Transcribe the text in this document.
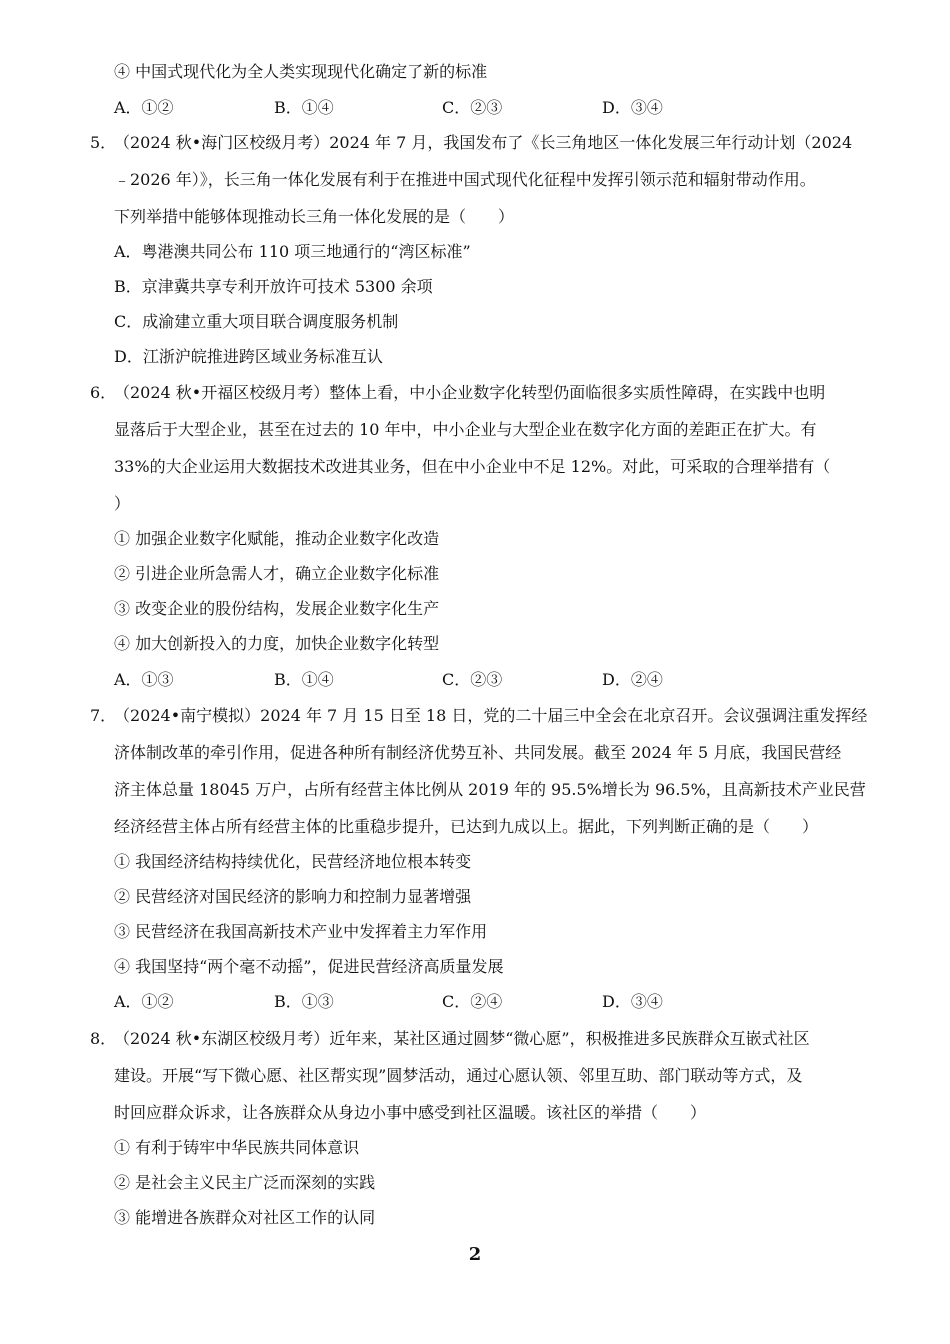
④ 中国式现代化为全人类实现现代化确定了新的标准
A．①②	B．①④	C．②③	D．③④
5．（2024 秋•海门区校级月考）2024 年 7 月，我国发布了《长三角地区一体化发展三年行动计划（2024
﹣2026 年）》，长三角一体化发展有利于在推进中国式现代化征程中发挥引领示范和辐射带动作用。
下列举措中能够体现推动长三角一体化发展的是（　　）
A．粤港澳共同公布 110 项三地通行的“湾区标准”
B．京津冀共享专利开放许可技术 5300 余项
C．成渝建立重大项目联合调度服务机制
D．江浙沪皖推进跨区域业务标准互认
6．（2024 秋•开福区校级月考）整体上看，中小企业数字化转型仍面临很多实质性障碍，在实践中也明
显落后于大型企业，甚至在过去的 10 年中，中小企业与大型企业在数字化方面的差距正在扩大。有
33%的大企业运用大数据技术改进其业务，但在中小企业中不足 12%。对此，可采取的合理举措有（
）
① 加强企业数字化赋能，推动企业数字化改造
② 引进企业所急需人才，确立企业数字化标准
③ 改变企业的股份结构，发展企业数字化生产
④ 加大创新投入的力度，加快企业数字化转型
A．①③	B．①④	C．②③	D．②④
7．（2024•南宁模拟）2024 年 7 月 15 日至 18 日，党的二十届三中全会在北京召开。会议强调注重发挥经
济体制改革的牵引作用，促进各种所有制经济优势互补、共同发展。截至 2024 年 5 月底，我国民营经
济主体总量 18045 万户，占所有经营主体比例从 2019 年的 95.5%增长为 96.5%，且高新技术产业民营
经济经营主体占所有经营主体的比重稳步提升，已达到九成以上。据此，下列判断正确的是（　　）
① 我国经济结构持续优化，民营经济地位根本转变
② 民营经济对国民经济的影响力和控制力显著增强
③ 民营经济在我国高新技术产业中发挥着主力军作用
④ 我国坚持“两个毫不动摇”，促进民营经济高质量发展
A．①②	B．①③	C．②④	D．③④
8．（2024 秋•东湖区校级月考）近年来，某社区通过圆梦“微心愿”，积极推进多民族群众互嵌式社区
建设。开展“写下微心愿、社区帮实现”圆梦活动，通过心愿认领、邻里互助、部门联动等方式，及
时回应群众诉求，让各族群众从身边小事中感受到社区温暖。该社区的举措（　　）
① 有利于铸牢中华民族共同体意识
② 是社会主义民主广泛而深刻的实践
③ 能增进各族群众对社区工作的认同
2
